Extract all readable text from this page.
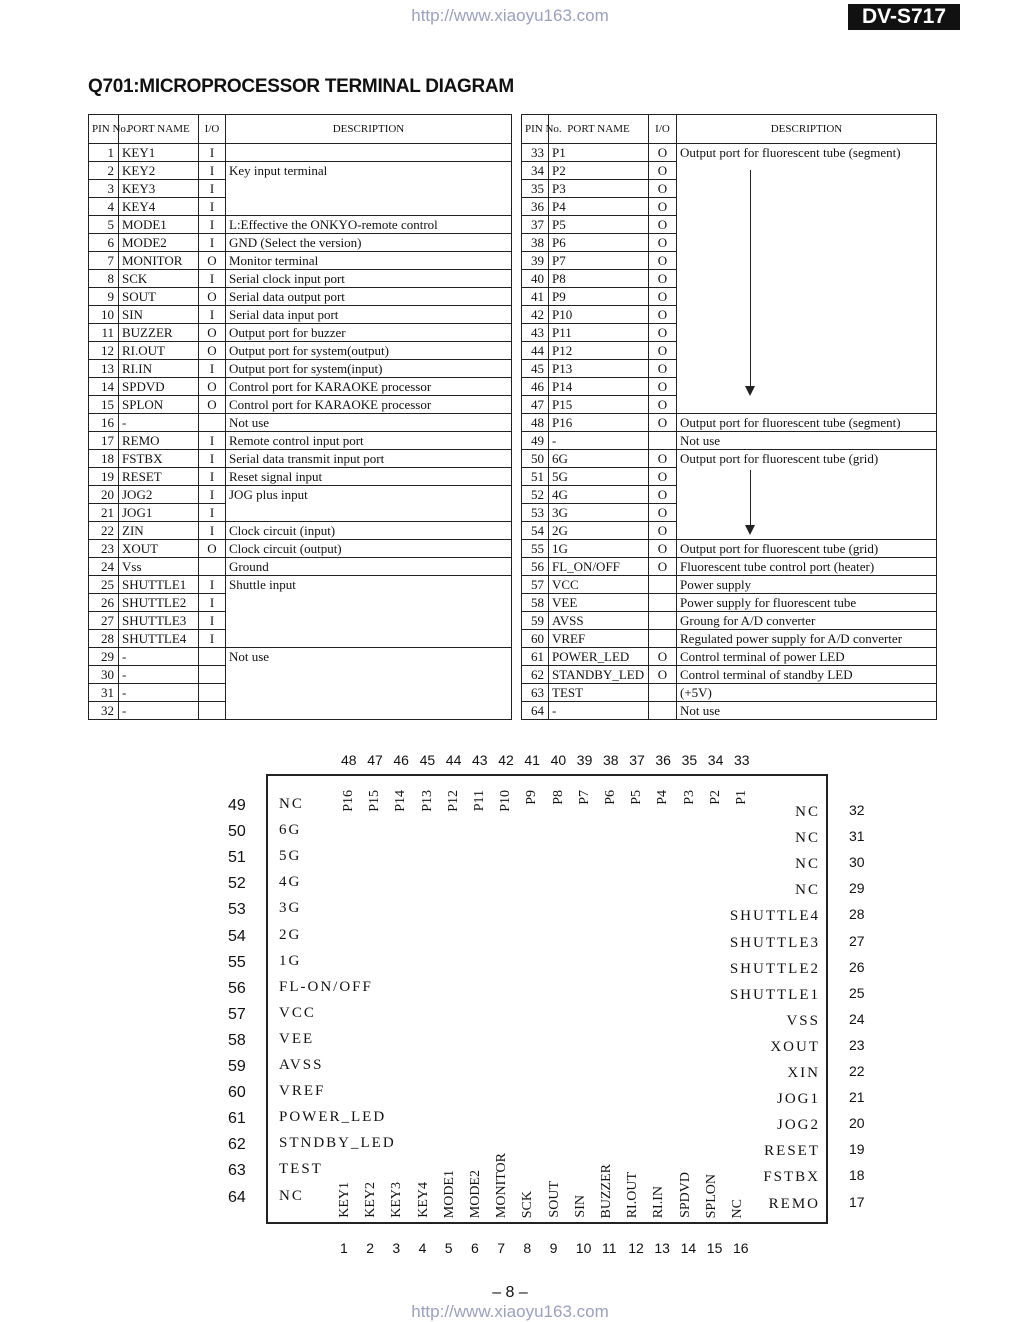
http://www.xiaoyu163.com	DV-S717
Q701:MICROPROCESSOR TERMINAL DIAGRAM
PIN No.	PORT NAME	I/O	DESCRIPTION
1	KEY1	I	
2	KEY2	I	Key input terminal
3	KEY3	I	
4	KEY4	I	
5	MODE1	I	L:Effective the ONKYO-remote control
6	MODE2	I	GND (Select the version)
7	MONITOR	O	Monitor terminal
8	SCK	I	Serial clock input port
9	SOUT	O	Serial data output port
10	SIN	I	Serial data input port
11	BUZZER	O	Output port for buzzer
12	RI.OUT	O	Output port for system(output)
13	RI.IN	I	Output port for system(input)
14	SPDVD	O	Control port for KARAOKE processor
15	SPLON	O	Control port for KARAOKE processor
16	-		Not use
17	REMO	I	Remote control input port
18	FSTBX	I	Serial data transmit input port
19	RESET	I	Reset signal input
20	JOG2	I	JOG plus input
21	JOG1	I	
22	ZIN	I	Clock circuit (input)
23	XOUT	O	Clock circuit (output)
24	Vss		Ground
25	SHUTTLE1	I	Shuttle input
26	SHUTTLE2	I	
27	SHUTTLE3	I	
28	SHUTTLE4	I	
29	-		Not use
30	-		
31	-		
32	-		
PIN No.	PORT NAME	I/O	DESCRIPTION
33	P1	O	Output port for fluorescent tube (segment)
34	P2	O	
35	P3	O	
36	P4	O	
37	P5	O	
38	P6	O	
39	P7	O	
40	P8	O	
41	P9	O	
42	P10	O	
43	P11	O	
44	P12	O	
45	P13	O	
46	P14	O	
47	P15	O	
48	P16	O	Output port for fluorescent tube (segment)
49	-		Not use
50	6G	O	Output port for fluorescent tube (grid)
51	5G	O	
52	4G	O	
53	3G	O	
54	2G	O	
55	1G	O	Output port for fluorescent tube (grid)
56	FL_ON/OFF	O	Fluorescent tube control port (heater)
57	VCC		Power supply
58	VEE		Power supply for fluorescent tube
59	AVSS		Groung for A/D converter
60	VREF		Regulated power supply for A/D converter
61	POWER_LED	O	Control terminal of power LED
62	STANDBY_LED	O	Control terminal of standby LED
63	TEST		(+5V)
64	-		Not use
48
P16
47
P15
46
P14
45
P13
44
P12
43
P11
42
P10
41
P9
40
P8
39
P7
38
P6
37
P5
36
P4
35
P3
34
P2
33
P1
1
KEY1
2
KEY2
3
KEY3
4
KEY4
5
MODE1
6
MODE2
7
MONITOR
8
SCK
9
SOUT
10
SIN
11
BUZZER
12
RI.OUT
13
RI.IN
14
SPDVD
15
SPLON
16
NC
49 NC
50 6G
51 5G
52 4G
53 3G
54 2G
55 1G
56 FL-ON/OFF
57 VCC
58 VEE
59 AVSS
60 VREF
61 POWER_LED
62 STNDBY_LED
63 TEST
64 NC
32
NC
31
NC
30
NC
29
NC
28
SHUTTLE4
27
SHUTTLE3
26
SHUTTLE2
25
SHUTTLE1
24
VSS
23
XOUT
22
XIN
21
JOG1
20
JOG2
19
RESET
18
FSTBX
17
REMO
– 8 –
http://www.xiaoyu163.com
